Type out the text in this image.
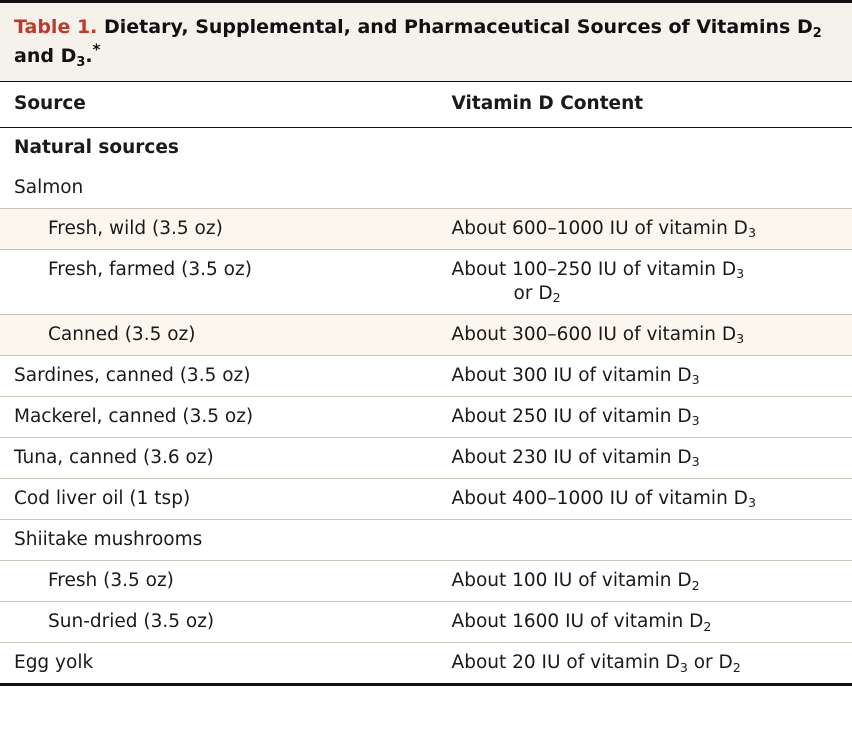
Table 1. Dietary, Supplemental, and Pharmaceutical Sources of Vitamins $D_2$ and $D_3.^*$
Source	Vitamin D Content
Natural sources	
Salmon	
Fresh, wild (3.5 oz)	About 600–1000 IU of vitamin $D_3$
Fresh, farmed (3.5 oz)	About 100–250 IU of vitamin $D_3$
or $D_2$

Canned (3.5 oz)	About 300–600 IU of vitamin $D_3$
Sardines, canned (3.5 oz)	About 300 IU of vitamin $D_3$
Mackerel, canned (3.5 oz)	About 250 IU of vitamin $D_3$
Tuna, canned (3.6 oz)	About 230 IU of vitamin $D_3$
Cod liver oil (1 tsp)	About 400–1000 IU of vitamin $D_3$
Shiitake mushrooms	
Fresh (3.5 oz)	About 100 IU of vitamin $D_2$
Sun-dried (3.5 oz)	About 1600 IU of vitamin $D_2$
Egg yolk	About 20 IU of vitamin $D_3$ or $D_2$
